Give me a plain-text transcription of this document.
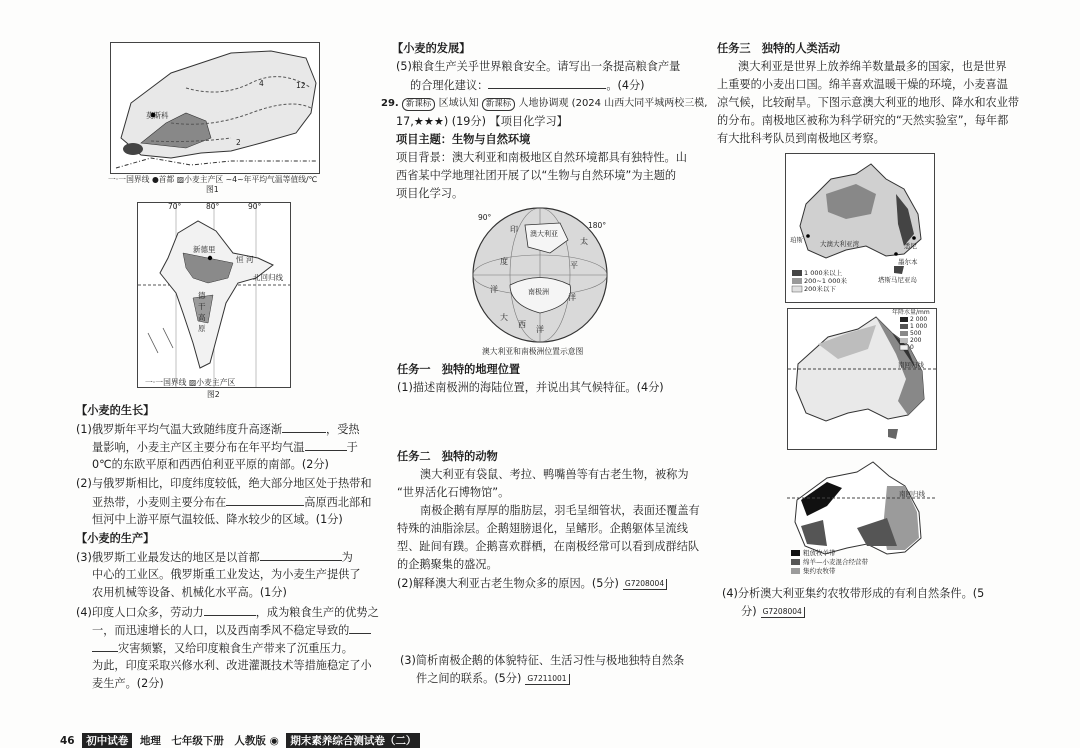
莫斯科
4	12
2
一·一国界线 ●首都 ▨小麦主产区 ~4~年平均气温等值线/℃
图1
70°	80°	90°
新德里
恒 河
北回归线
德
干
高
原
一·一国界线 ▨小麦主产区
图2
【小麦的生长】
(1)俄罗斯年平均气温大致随纬度升高逐渐	，受热
量影响，小麦主产区主要分布在年平均气温	于
0℃的东欧平原和西西伯利亚平原的南部。(2分)
(2)与俄罗斯相比，印度纬度较低，绝大部分地区处于热带和
亚热带，小麦则主要分布在	高原西北部和
恒河中上游平原气温较低、降水较少的区域。(1分)
【小麦的生产】
(3)俄罗斯工业最发达的地区是以首都	为
中心的工业区。俄罗斯重工业发达，为小麦生产提供了
农用机械等设备、机械化水平高。(1分)
(4)印度人口众多，劳动力	，成为粮食生产的优势之
一，而迅速增长的人口，以及西南季风不稳定导致的
灾害频繁，又给印度粮食生产带来了沉重压力。
为此，印度采取兴修水利、改进灌溉技术等措施稳定了小
麦生产。(2分)
【小麦的发展】
(5)粮食生产关乎世界粮食安全。请写出一条提高粮食产量
的合理化建议：	。(4分)
29. 新课标 区域认知 新课标 人地协调观 (2024 山西大同平城两校三模,
17,★★★) (19分) 【项目化学习】
项目主题：生物与自然环境
项目背景：澳大利亚和南极地区自然环境都具有独特性。山
西省某中学地理社团开展了以“生物与自然环境”为主题的
项目化学习。
90°
180°
印
度
洋
澳大利亚
太
平
洋
大
西
洋
南极洲
澳大利亚和南极洲位置示意图
任务一　独特的地理位置
(1)描述南极洲的海陆位置，并说出其气候特征。(4分)
任务二　独特的动物
澳大利亚有袋鼠、考拉、鸭嘴兽等有古老生物，被称为
“世界活化石博物馆”。
南极企鹅有厚厚的脂肪层，羽毛呈细管状，表面还覆盖有
特殊的油脂涂层。企鹅翅膀退化，呈鳍形。企鹅躯体呈流线
型、趾间有蹼。企鹅喜欢群栖，在南极经常可以看到成群结队
的企鹅聚集的盛况。
(2)解释澳大利亚古老生物众多的原因。(5分) G7208004
(3)简析南极企鹅的体貌特征、生活习性与极地独特自然条
件之间的联系。(5分) G7211001
任务三　独特的人类活动
澳大利亚是世界上放养绵羊数量最多的国家，也是世界
上重要的小麦出口国。绵羊喜欢温暖干燥的环境，小麦喜温
凉气候，比较耐旱。下图示意澳大利亚的地形、降水和农业带
的分布。南极地区被称为科学研究的“天然实验室”，每年都
有大批科考队员到南极地区考察。
珀斯	大澳大利亚湾	悉尼
墨尔本
塔斯马尼亚岛
1 000米以上
200~1 000米
200米以下
年降水量/mm
2 000
1 000
500
200
0
南回归线
南回归线
粗放牧羊带
绵羊—小麦混合经营带
集约农牧带
(4)分析澳大利亚集约农牧带形成的有利自然条件。(5
分) G7208004
46 初中试卷 地理　七年级下册　人教版 ◉ 期末素养综合测试卷（二）
